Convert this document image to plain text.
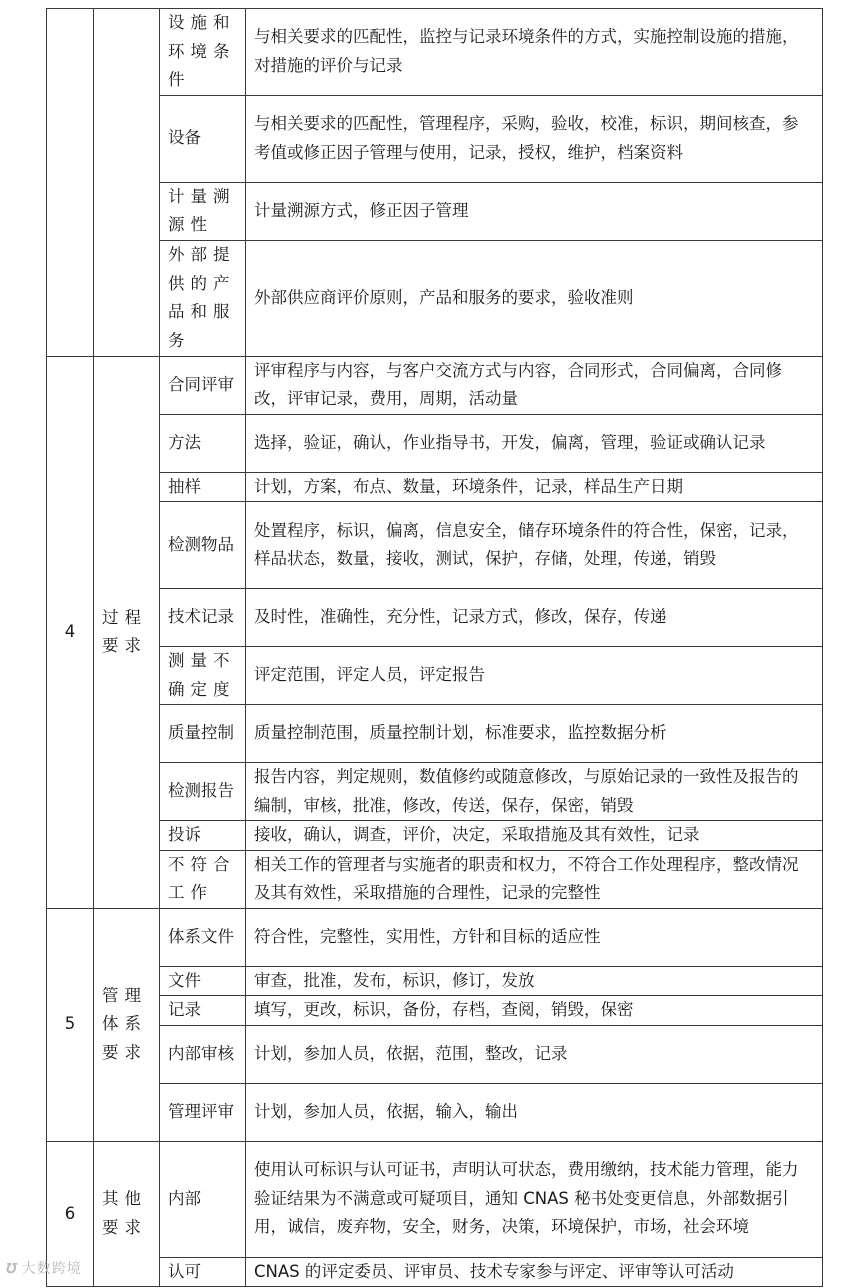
		设施和环境条件	与相关要求的匹配性，监控与记录环境条件的方式，实施控制设施的措施，对措施的评价与记录
		设备	与相关要求的匹配性，管理程序，采购，验收，校准，标识，期间核查，参考值或修正因子管理与使用，记录，授权，维护，档案资料
		计量溯源性	计量溯源方式，修正因子管理
		外部提供的产品和服务	外部供应商评价原则，产品和服务的要求，验收准则
4	过程要求	合同评审	评审程序与内容，与客户交流方式与内容，合同形式，合同偏离，合同修改，评审记录，费用，周期，活动量
		方法	选择，验证，确认，作业指导书，开发，偏离，管理，验证或确认记录
		抽样	计划，方案，布点、数量，环境条件，记录，样品生产日期
		检测物品	处置程序，标识，偏离，信息安全，储存环境条件的符合性，保密，记录，样品状态，数量，接收，测试，保护，存储，处理，传递，销毁
		技术记录	及时性，准确性，充分性，记录方式，修改，保存，传递
		测量不确定度	评定范围，评定人员，评定报告
		质量控制	质量控制范围，质量控制计划，标准要求，监控数据分析
		检测报告	报告内容，判定规则，数值修约或随意修改，与原始记录的一致性及报告的编制，审核，批准，修改，传送，保存，保密，销毁
		投诉	接收，确认，调查，评价，决定，采取措施及其有效性，记录
		不符合工作	相关工作的管理者与实施者的职责和权力，不符合工作处理程序，整改情况及其有效性，采取措施的合理性，记录的完整性
5	管理体系要求	体系文件	符合性，完整性，实用性，方针和目标的适应性
		文件	审查，批准，发布，标识，修订，发放
		记录	填写，更改，标识，备份，存档，查阅，销毁，保密
		内部审核	计划，参加人员，依据，范围，整改，记录
		管理评审	计划，参加人员，依据，输入，输出
6	其他要求	内部	使用认可标识与认可证书，声明认可状态，费用缴纳，技术能力管理，能力验证结果为不满意或可疑项目，通知 CNAS 秘书处变更信息，外部数据引用，诚信，废弃物，安全，财务，决策，环境保护，市场，社会环境
		认可	CNAS 的评定委员、评审员、技术专家参与评定、评审等认可活动
℧ 大数跨境
